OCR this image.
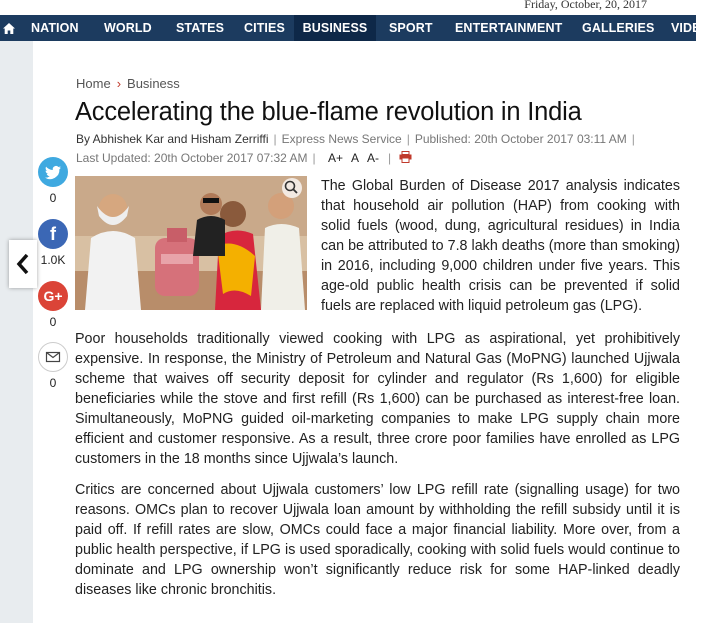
Friday, October, 20, 2017
NATION	WORLD	STATES	CITIES	BUSINESS	SPORT	ENTERTAINMENT	GALLERIES	VIDE
0
f
1.0K
G+
0
0
Home › Business
Accelerating the blue-flame revolution in India
By Abhishek Kar and Hisham Zerriffi | Express News Service | Published: 20th October 2017 03:11 AM |
Last Updated: 20th October 2017 07:32 AM | A+ A A- |

The Global Burden of Disease 2017 analysis indicates that household air pollution (HAP) from cooking with solid fuels (wood, dung, agricultural residues) in India can be attributed to 7.8 lakh deaths (more than smoking) in 2016, including 9,000 children under five years. This age-old public health crisis can be prevented if solid fuels are replaced with liquid petroleum gas (LPG).

Poor households traditionally viewed cooking with LPG as aspirational, yet prohibitively expensive. In response, the Ministry of Petroleum and Natural Gas (MoPNG) launched Ujjwala scheme that waives off security deposit for cylinder and regulator (Rs 1,600) for eligible beneficiaries while the stove and first refill (Rs 1,600) can be purchased as interest-free loan. Simultaneously, MoPNG guided oil-marketing companies to make LPG supply chain more efficient and customer responsive. As a result, three crore poor families have enrolled as LPG customers in the 18 months since Ujjwala’s launch.

Critics are concerned about Ujjwala customers’ low LPG refill rate (signalling usage) for two reasons. OMCs plan to recover Ujjwala loan amount by withholding the refill subsidy until it is paid off. If refill rates are slow, OMCs could face a major financial liability. More over, from a public health perspective, if LPG is used sporadically, cooking with solid fuels would continue to dominate and LPG ownership won’t significantly reduce risk for some HAP-linked deadly diseases like chronic bronchitis.
